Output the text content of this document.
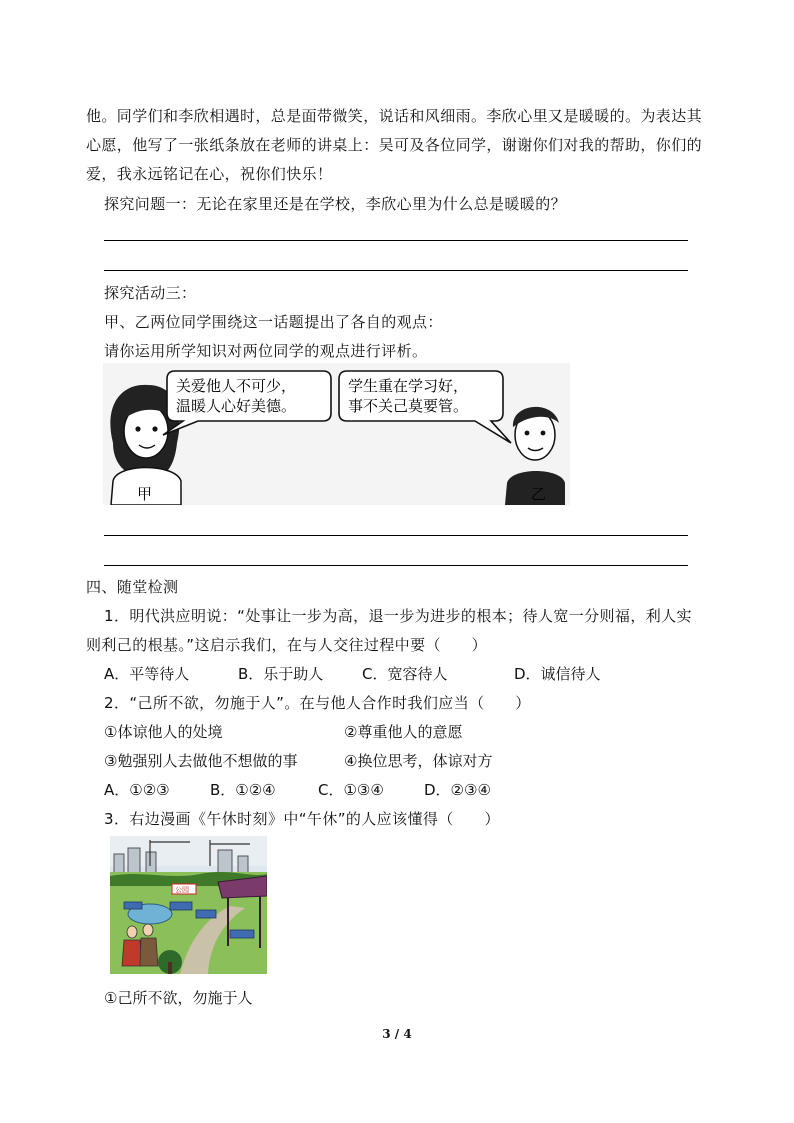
他。同学们和李欣相遇时，总是面带微笑，说话和风细雨。李欣心里又是暖暖的。为表达其
心愿，他写了一张纸条放在老师的讲桌上：吴可及各位同学，谢谢你们对我的帮助，你们的
爱，我永远铭记在心，祝你们快乐！
探究问题一：无论在家里还是在学校，李欣心里为什么总是暖暖的？
探究活动三：
甲、乙两位同学围绕这一话题提出了各自的观点：
请你运用所学知识对两位同学的观点进行评析。
甲
关爱他人不可少，
温暖人心好美德。
学生重在学习好，
事不关己莫要管。
乙
四、随堂检测
1．明代洪应明说：“处事让一步为高，退一步为进步的根本；待人宽一分则福，利人实
则利己的根基。”这启示我们，在与人交往过程中要（　　）
A．平等待人	B．乐于助人	C．宽容待人	D．诚信待人
2．“己所不欲，勿施于人”。在与他人合作时我们应当（　　）
①体谅他人的处境	②尊重他人的意愿
③勉强别人去做他不想做的事	④换位思考，体谅对方
A．①②③	B．①②④	C．①③④	D．②③④
3．右边漫画《午休时刻》中“午休”的人应该懂得（　　）
公园
①己所不欲，勿施于人
3 / 4
